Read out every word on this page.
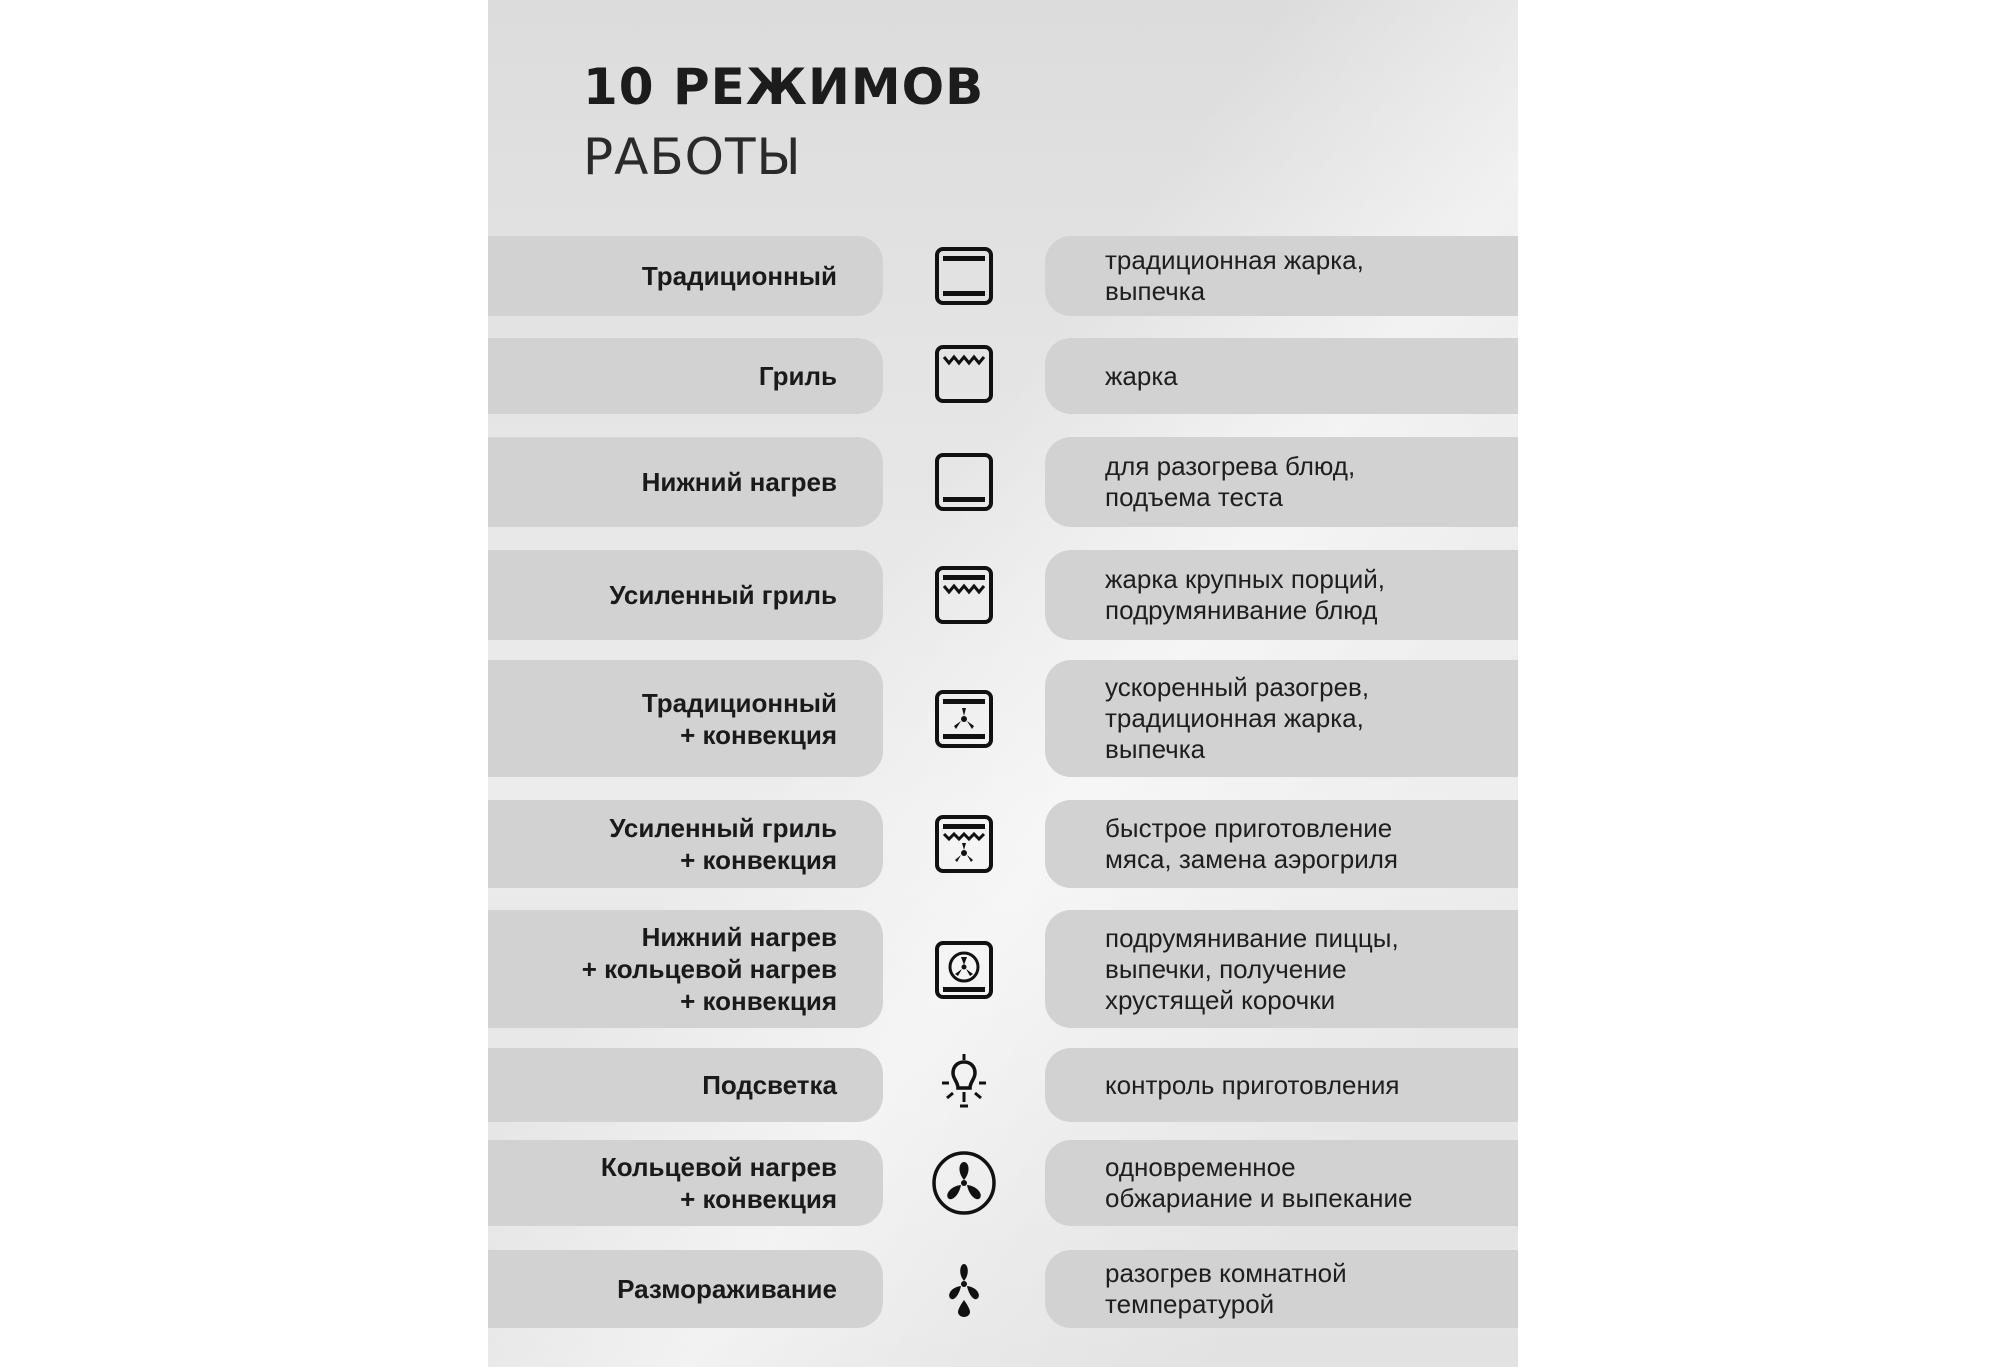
10 РЕЖИМОВ
РАБОТЫ
Традиционный
традиционная жарка,
выпечка
Гриль	жарка
Нижний нагрев
для разогрева блюд,
подъема теста
Усиленный гриль
жарка крупных порций,
подрумянивание блюд
Традиционный
+ конвекция
ускоренный разогрев,
традиционная жарка,
выпечка
Усиленный гриль
+ конвекция
быстрое приготовление
мяса, замена аэрогриля
Нижний нагрев
+ кольцевой нагрев
+ конвекция
подрумянивание пиццы,
выпечки, получение
хрустящей корочки
Подсветка	контроль приготовления
Кольцевой нагрев
+ конвекция
одновременное
обжариание и выпекание
Размораживание
разогрев комнатной
температурой
